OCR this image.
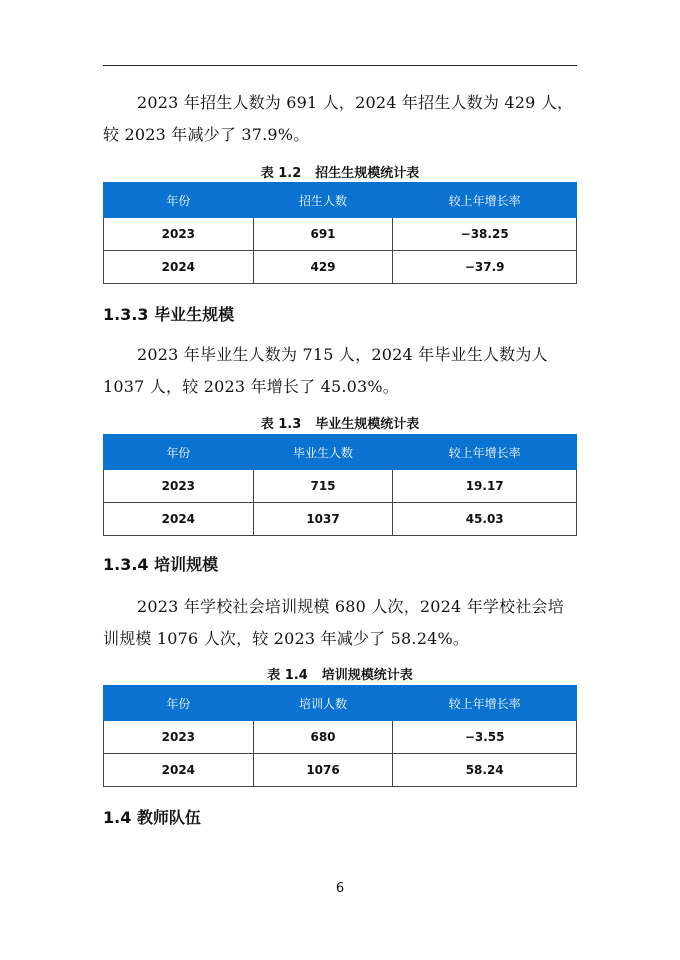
2023 年招生人数为 691 人，2024 年招生人数为 429 人，较 2023 年减少了 37.9%。

表 1.2 招生生规模统计表
年份	招生人数	较上年增长率
2023	691	−38.25
2024	429	−37.9
1.3.3 毕业生规模

2023 年毕业生人数为 715 人，2024 年毕业生人数为人 1037 人，较 2023 年增长了 45.03%。

表 1.3 毕业生规模统计表
年份	毕业生人数	较上年增长率
2023	715	19.17
2024	1037	45.03
1.3.4 培训规模

2023 年学校社会培训规模 680 人次，2024 年学校社会培训规模 1076 人次，较 2023 年减少了 58.24%。

表 1.4 培训规模统计表
年份	培训人数	较上年增长率
2023	680	−3.55
2024	1076	58.24
1.4 教师队伍
6
